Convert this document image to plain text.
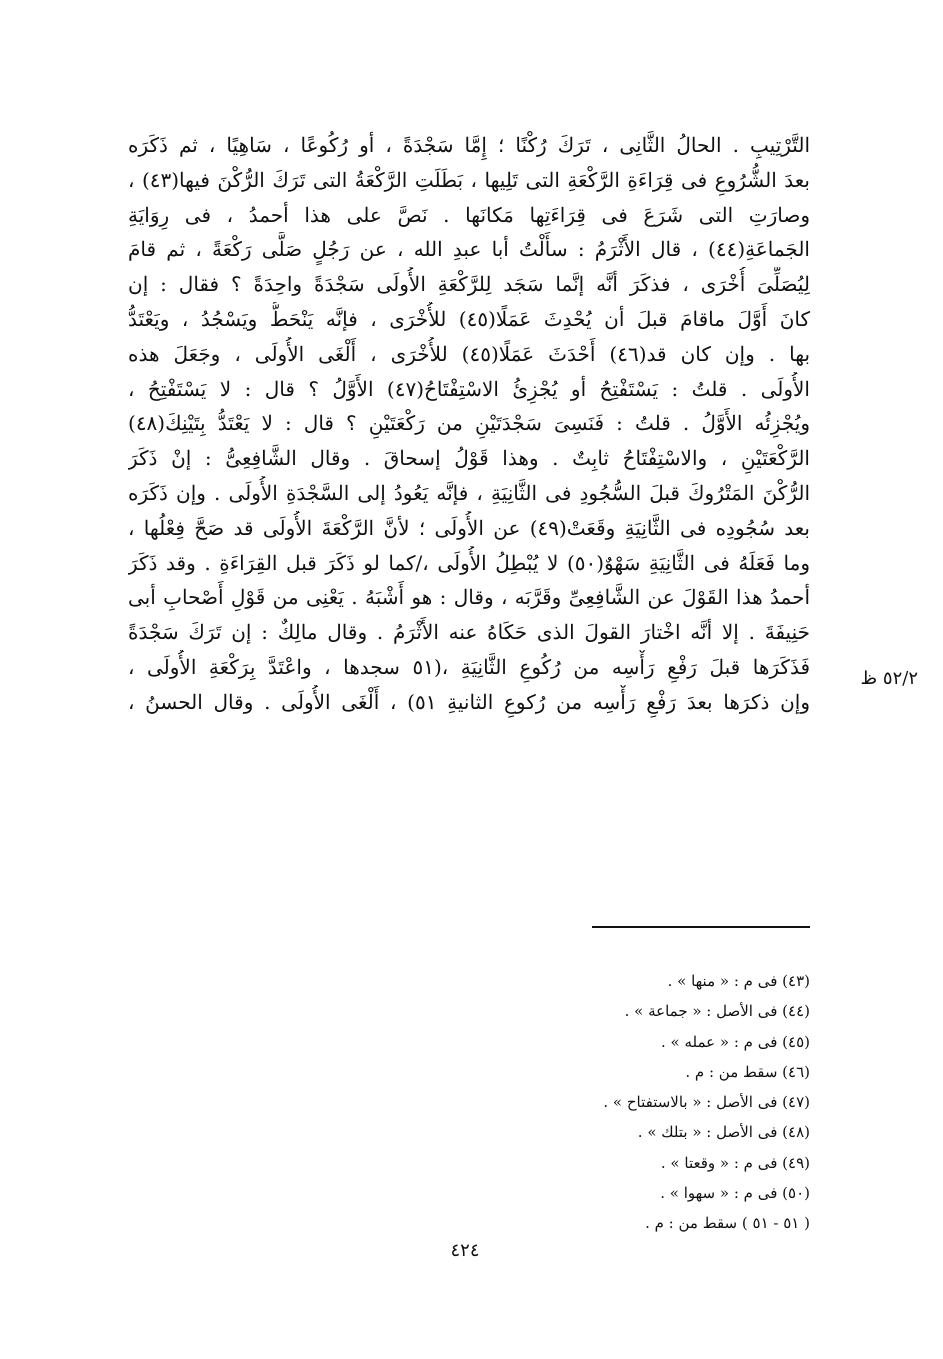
التَّرْتِيبِ . الحالُ الثَّانِى ، تَرَكَ رُكْنًا ؛ إِمَّا سَجْدَةً ، أو رُكُوعًا ، سَاهِيًا ، ثم ذَكَرَه
بعدَ الشُّرُوعِ فى قِرَاءَةِ الرَّكْعَةِ التى تَلِيها ، بَطَلَتِ الرَّكْعَةُ التى تَرَكَ الرُّكْنَ فيها(٤٣) ،
وصارَتِ التى شَرَعَ فى قِرَاءَتِها مَكانَها . نَصَّ على هذا أحمدُ ، فى رِوَايَةِ
الجَماعَةِ(٤٤) ، قال الأَثْرَمُ : سأَلْتُ أبا عبدِ الله ، عن رَجُلٍ صَلَّى رَكْعَةً ، ثم قامَ
لِيُصَلِّىَ أُخْرَى ، فذكَرَ أنَّه إنَّما سَجَد لِلرَّكْعَةِ الأُولَى سَجْدَةً واحِدَةً ؟ فقال : إن
كانَ أَوَّلَ ماقامَ قبلَ أن يُحْدِثَ عَمَلًا(٤٥) للأُخْرَى ، فإنَّه يَنْحَطُّ ويَسْجُدُ ، ويَعْتَدُّ
بها . وإن كان قد(٤٦) أَحْدَثَ عَمَلًا(٤٥) للأُخْرَى ، أَلْغَى الأُولَى ، وجَعَلَ هذه
الأُولَى . قلتُ : يَسْتَفْتِحُ أو يُجْزِئُ الاسْتِفْتَاحُ(٤٧) الأَوَّلُ ؟ قال : لا يَسْتَفْتِحُ ،
ويُجْزِئُه الأَوَّلُ . قلتُ : فَنَسِىَ سَجْدَتَيْنِ من رَكْعَتَيْنِ ؟ قال : لا يَعْتَدُّ بِتَيْنِكَ(٤٨)
الرَّكْعَتَيْنِ ، والاسْتِفْتَاحُ ثابِتٌ . وهذا قَوْلُ إسحاقَ . وقال الشَّافِعِىُّ : إنْ ذَكَرَ
الرُّكْنَ المَتْرُوكَ قبلَ السُّجُودِ فى الثَّانِيَةِ ، فإنَّه يَعُودُ إلى السَّجْدَةِ الأُولَى . وإن ذَكَرَه
بعد سُجُودِه فى الثَّانِيَةِ وقَعَتْ(٤٩) عن الأُولَى ؛ لأنَّ الرَّكْعَةَ الأُولَى قد صَحَّ فِعْلُها ،
وما فَعَلَهُ فى الثَّانِيَةِ سَهْوٌ(٥٠) لا يُبْطِلُ الأُولَى ،/كما لو ذَكَرَ قبل القِرَاءَةِ . وقد ذَكَرَ
أحمدُ هذا القَوْلَ عن الشَّافِعِىِّ وقَرَّبَه ، وقال : هو أَشْبَهُ . يَعْنِى من قَوْلِ أَصْحابِ أبى
حَنِيفَةَ . إلا أنَّه اخْتارَ القولَ الذى حَكَاهُ عنه الأَثْرَمُ . وقال مالِكٌ : إن تَرَكَ سَجْدَةً
فَذَكَرَها قبلَ رَفْعِ رَأْسِه من رُكُوعِ الثَّانِيَةِ ،(٥١ سجدها ، واعْتَدَّ بِرَكْعَةِ الأُولَى ،
وإن ذكرَها بعدَ رَفْعِ رَأْسِه من رُكوعِ الثانيةِ ٥١) ، أَلْغَى الأُولَى . وقال الحسنُ ،
٥٢/٢ ظ
(٤٣) فى م : « منها » .
(٤٤) فى الأصل : « جماعة » .
(٤٥) فى م : « عمله » .
(٤٦) سقط من : م .
(٤٧) فى الأصل : « بالاستفتاح » .
(٤٨) فى الأصل : « بتلك » .
(٤٩) فى م : « وقعتا » .
(٥٠) فى م : « سهوا » .
( ٥١ - ٥١ ) سقط من : م .
٤٢٤
